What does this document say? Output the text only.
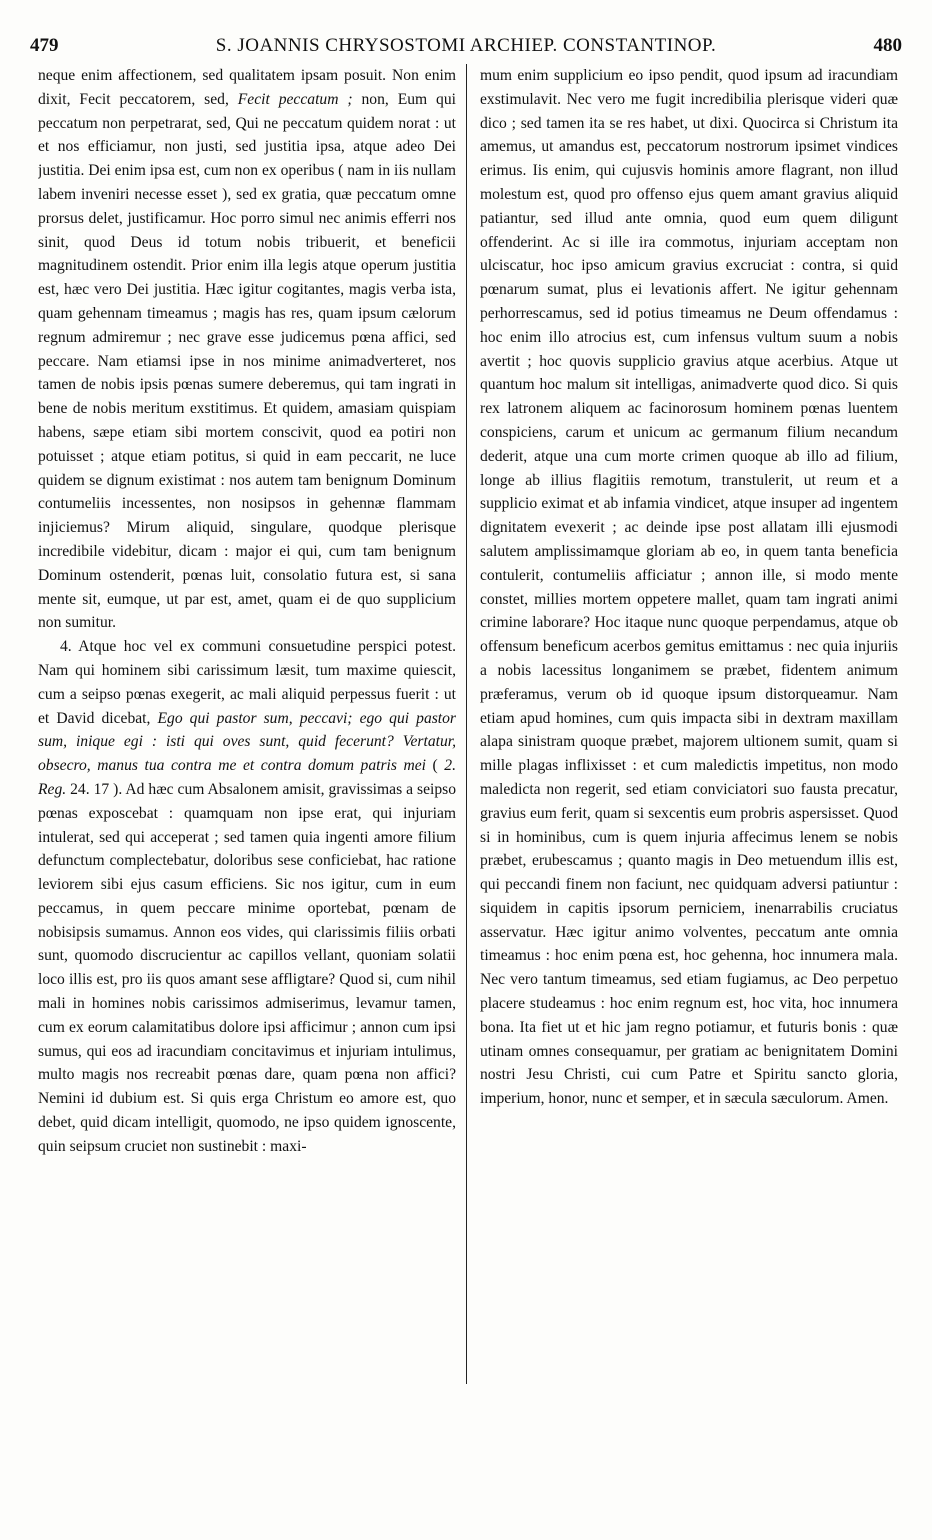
479	S. JOANNIS CHRYSOSTOMI ARCHIEP. CONSTANTINOP.	480

neque enim affectionem, sed qualitatem ipsam posuit. Non enim dixit, Fecit peccatorem, sed, Fecit peccatum ; non, Eum qui peccatum non perpetrarat, sed, Qui ne peccatum quidem norat : ut et nos efficiamur, non justi, sed justitia ipsa, atque adeo Dei justitia. Dei enim ipsa est, cum non ex operibus ( nam in iis nullam labem inveniri necesse esset ), sed ex gratia, quæ peccatum omne prorsus delet, justificamur. Hoc porro simul nec animis efferri nos sinit, quod Deus id totum nobis tribuerit, et beneficii magnitudinem ostendit. Prior enim illa legis atque operum justitia est, hæc vero Dei justitia. Hæc igitur cogitantes, magis verba ista, quam gehennam timeamus ; magis has res, quam ipsum cælorum regnum admiremur ; nec grave esse judicemus pœna affici, sed peccare. Nam etiamsi ipse in nos minime animadverteret, nos tamen de nobis ipsis pœnas sumere deberemus, qui tam ingrati in bene de nobis meritum exstitimus. Et quidem, amasiam quispiam habens, sæpe etiam sibi mortem conscivit, quod ea potiri non potuisset ; atque etiam potitus, si quid in eam peccarit, ne luce quidem se dignum existimat : nos autem tam benignum Dominum contumeliis incessentes, non nosipsos in gehennæ flammam injiciemus? Mirum aliquid, singulare, quodque plerisque incredibile videbitur, dicam : major ei qui, cum tam benignum Dominum ostenderit, pœnas luit, consolatio futura est, si sana mente sit, eumque, ut par est, amet, quam ei de quo supplicium non sumitur.

4. Atque hoc vel ex communi consuetudine perspici potest. Nam qui hominem sibi carissimum læsit, tum maxime quiescit, cum a seipso pœnas exegerit, ac mali aliquid perpessus fuerit : ut et David dicebat, Ego qui pastor sum, peccavi; ego qui pastor sum, inique egi : isti qui oves sunt, quid fecerunt? Vertatur, obsecro, manus tua contra me et contra domum patris mei ( 2. Reg. 24. 17 ). Ad hæc cum Absalonem amisit, gravissimas a seipso pœnas exposcebat : quamquam non ipse erat, qui injuriam intulerat, sed qui acceperat ; sed tamen quia ingenti amore filium defunctum complectebatur, doloribus sese conficiebat, hac ratione leviorem sibi ejus casum efficiens. Sic nos igitur, cum in eum peccamus, in quem peccare minime oportebat, pœnam de nobisipsis sumamus. Annon eos vides, qui clarissimis filiis orbati sunt, quomodo discrucientur ac capillos vellant, quoniam solatii loco illis est, pro iis quos amant sese affligtare? Quod si, cum nihil mali in homines nobis carissimos admiserimus, levamur tamen, cum ex eorum calamitatibus dolore ipsi afficimur ; annon cum ipsi sumus, qui eos ad iracundiam concitavimus et injuriam intulimus, multo magis nos recreabit pœnas dare, quam pœna non affici? Nemini id dubium est. Si quis erga Christum eo amore est, quo debet, quid dicam intelligit, quomodo, ne ipso quidem ignoscente, quin seipsum cruciet non sustinebit : maxi-

mum enim supplicium eo ipso pendit, quod ipsum ad iracundiam exstimulavit. Nec vero me fugit incredibilia plerisque videri quæ dico ; sed tamen ita se res habet, ut dixi. Quocirca si Christum ita amemus, ut amandus est, peccatorum nostrorum ipsimet vindices erimus. Iis enim, qui cujusvis hominis amore flagrant, non illud molestum est, quod pro offenso ejus quem amant gravius aliquid patiantur, sed illud ante omnia, quod eum quem diligunt offenderint. Ac si ille ira commotus, injuriam acceptam non ulciscatur, hoc ipso amicum gravius excruciat : contra, si quid pœnarum sumat, plus ei levationis affert. Ne igitur gehennam perhorrescamus, sed id potius timeamus ne Deum offendamus : hoc enim illo atrocius est, cum infensus vultum suum a nobis avertit ; hoc quovis supplicio gravius atque acerbius. Atque ut quantum hoc malum sit intelligas, animadverte quod dico. Si quis rex latronem aliquem ac facinorosum hominem pœnas luentem conspiciens, carum et unicum ac germanum filium necandum dederit, atque una cum morte crimen quoque ab illo ad filium, longe ab illius flagitiis remotum, transtulerit, ut reum et a supplicio eximat et ab infamia vindicet, atque insuper ad ingentem dignitatem evexerit ; ac deinde ipse post allatam illi ejusmodi salutem amplissimamque gloriam ab eo, in quem tanta beneficia contulerit, contumeliis afficiatur ; annon ille, si modo mente constet, millies mortem oppetere mallet, quam tam ingrati animi crimine laborare? Hoc itaque nunc quoque perpendamus, atque ob offensum beneficum acerbos gemitus emittamus : nec quia injuriis a nobis lacessitus longanimem se præbet, fidentem animum præferamus, verum ob id quoque ipsum distorqueamur. Nam etiam apud homines, cum quis impacta sibi in dextram maxillam alapa sinistram quoque præbet, majorem ultionem sumit, quam si mille plagas inflixisset : et cum maledictis impetitus, non modo maledicta non regerit, sed etiam conviciatori suo fausta precatur, gravius eum ferit, quam si sexcentis eum probris aspersisset. Quod si in hominibus, cum is quem injuria affecimus lenem se nobis præbet, erubescamus ; quanto magis in Deo metuendum illis est, qui peccandi finem non faciunt, nec quidquam adversi patiuntur : siquidem in capitis ipsorum perniciem, inenarrabilis cruciatus asservatur. Hæc igitur animo volventes, peccatum ante omnia timeamus : hoc enim pœna est, hoc gehenna, hoc innumera mala. Nec vero tantum timeamus, sed etiam fugiamus, ac Deo perpetuo placere studeamus : hoc enim regnum est, hoc vita, hoc innumera bona. Ita fiet ut et hic jam regno potiamur, et futuris bonis : quæ utinam omnes consequamur, per gratiam ac benignitatem Domini nostri Jesu Christi, cui cum Patre et Spiritu sancto gloria, imperium, honor, nunc et semper, et in sæcula sæculorum. Amen.
